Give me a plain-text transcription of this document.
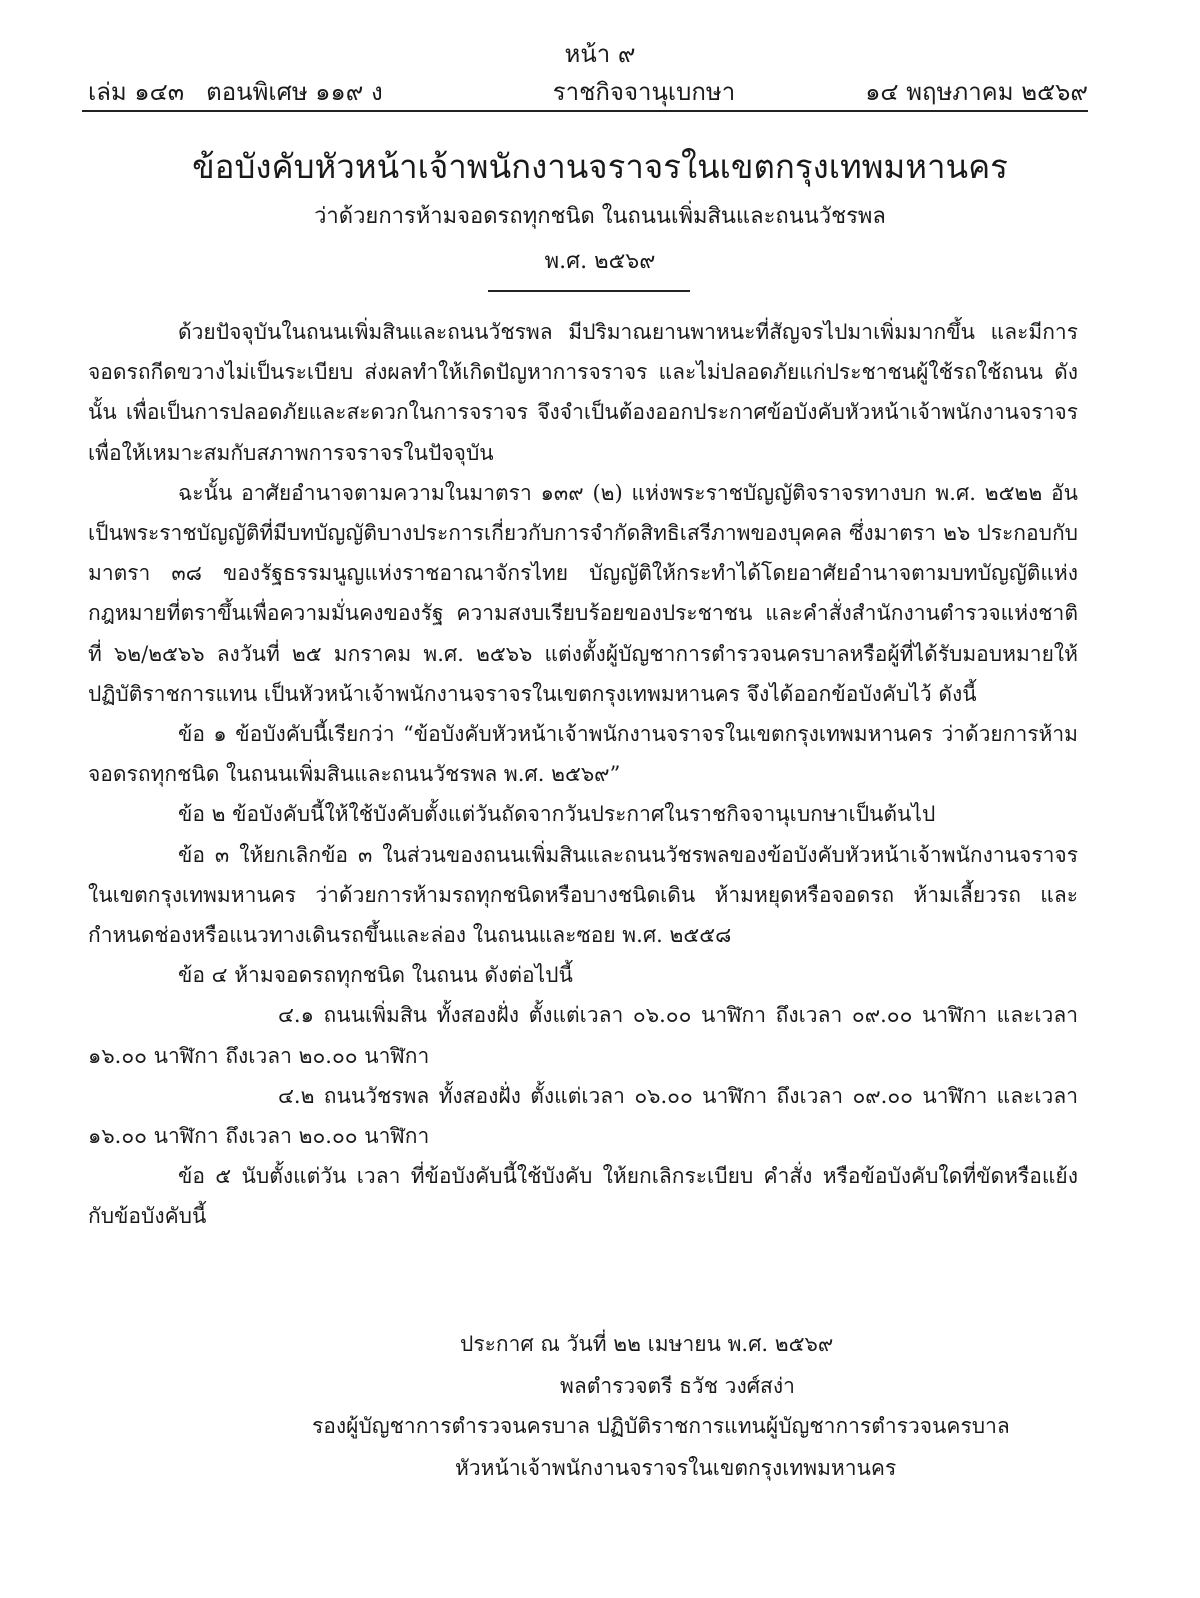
หน้า ๙
เล่ม ๑๔๓ ตอนพิเศษ ๑๑๙ ง	ราชกิจจานุเบกษา	๑๔ พฤษภาคม ๒๕๖๙
ข้อบังคับหัวหน้าเจ้าพนักงานจราจรในเขตกรุงเทพมหานคร
ว่าด้วยการห้ามจอดรถทุกชนิด ในถนนเพิ่มสินและถนนวัชรพล
พ.ศ. ๒๕๖๙

ด้วยปัจจุบันในถนนเพิ่มสินและถนนวัชรพล มีปริมาณยานพาหนะที่สัญจรไปมาเพิ่มมากขึ้น และมีการจอดรถกีดขวางไม่เป็นระเบียบ ส่งผลทำให้เกิดปัญหาการจราจร และไม่ปลอดภัยแก่ประชาชนผู้ใช้รถใช้ถนน ดังนั้น เพื่อเป็นการปลอดภัยและสะดวกในการจราจร จึงจำเป็นต้องออกประกาศข้อบังคับหัวหน้าเจ้าพนักงานจราจร เพื่อให้เหมาะสมกับสภาพการจราจรในปัจจุบัน

ฉะนั้น อาศัยอำนาจตามความในมาตรา ๑๓๙ (๒) แห่งพระราชบัญญัติจราจรทางบก พ.ศ. ๒๕๒๒ อันเป็นพระราชบัญญัติที่มีบทบัญญัติบางประการเกี่ยวกับการจำกัดสิทธิเสรีภาพของบุคคล ซึ่งมาตรา ๒๖ ประกอบกับมาตรา ๓๘ ของรัฐธรรมนูญแห่งราชอาณาจักรไทย บัญญัติให้กระทำได้โดยอาศัยอำนาจตามบทบัญญัติแห่งกฎหมายที่ตราขึ้นเพื่อความมั่นคงของรัฐ ความสงบเรียบร้อยของประชาชน และคำสั่งสำนักงานตำรวจแห่งชาติ ที่ ๖๒/๒๕๖๖ ลงวันที่ ๒๕ มกราคม พ.ศ. ๒๕๖๖ แต่งตั้งผู้บัญชาการตำรวจนครบาลหรือผู้ที่ได้รับมอบหมายให้ปฏิบัติราชการแทน เป็นหัวหน้าเจ้าพนักงานจราจรในเขตกรุงเทพมหานคร จึงได้ออกข้อบังคับไว้ ดังนี้

ข้อ ๑ ข้อบังคับนี้เรียกว่า “ข้อบังคับหัวหน้าเจ้าพนักงานจราจรในเขตกรุงเทพมหานคร ว่าด้วยการห้ามจอดรถทุกชนิด ในถนนเพิ่มสินและถนนวัชรพล พ.ศ. ๒๕๖๙”

ข้อ ๒ ข้อบังคับนี้ให้ใช้บังคับตั้งแต่วันถัดจากวันประกาศในราชกิจจานุเบกษาเป็นต้นไป

ข้อ ๓ ให้ยกเลิกข้อ ๓ ในส่วนของถนนเพิ่มสินและถนนวัชรพลของข้อบังคับหัวหน้าเจ้าพนักงานจราจรในเขตกรุงเทพมหานคร ว่าด้วยการห้ามรถทุกชนิดหรือบางชนิดเดิน ห้ามหยุดหรือจอดรถ ห้ามเลี้ยวรถ และกำหนดช่องหรือแนวทางเดินรถขึ้นและล่อง ในถนนและซอย พ.ศ. ๒๕๕๘

ข้อ ๔ ห้ามจอดรถทุกชนิด ในถนน ดังต่อไปนี้

๔.๑ ถนนเพิ่มสิน ทั้งสองฝั่ง ตั้งแต่เวลา ๐๖.๐๐ นาฬิกา ถึงเวลา ๐๙.๐๐ นาฬิกา และเวลา ๑๖.๐๐ นาฬิกา ถึงเวลา ๒๐.๐๐ นาฬิกา

๔.๒ ถนนวัชรพล ทั้งสองฝั่ง ตั้งแต่เวลา ๐๖.๐๐ นาฬิกา ถึงเวลา ๐๙.๐๐ นาฬิกา และเวลา ๑๖.๐๐ นาฬิกา ถึงเวลา ๒๐.๐๐ นาฬิกา

ข้อ ๕ นับตั้งแต่วัน เวลา ที่ข้อบังคับนี้ใช้บังคับ ให้ยกเลิกระเบียบ คำสั่ง หรือข้อบังคับใดที่ขัดหรือแย้งกับข้อบังคับนี้

ประกาศ ณ วันที่ ๒๒ เมษายน พ.ศ. ๒๕๖๙
พลตำรวจตรี ธวัช วงศ์สง่า
รองผู้บัญชาการตำรวจนครบาล ปฏิบัติราชการแทนผู้บัญชาการตำรวจนครบาล
หัวหน้าเจ้าพนักงานจราจรในเขตกรุงเทพมหานคร
